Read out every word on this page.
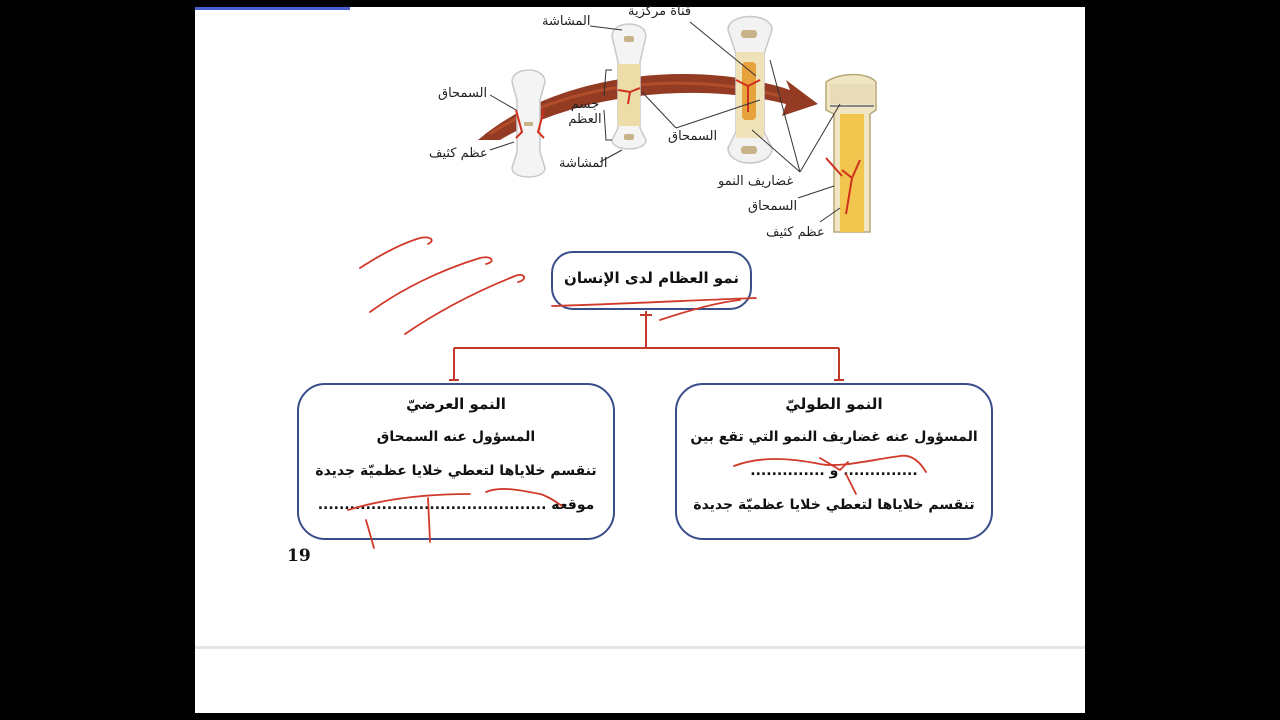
المشاشة
قناة مركزية
السمحاق
جسم العظم
عظم كثيف
المشاشة
السمحاق
غضاريف النمو
السمحاق
عظم كثيف
نمو العظام لدى الإنسان
النمو العرضيّ
المسؤول عنه السمحاق
تنقسم خلاياها لتعطي خلايا عظميّة جديدة
موقعه ...........................................
النمو الطوليّ
المسؤول عنه غضاريف النمو التي تقع بين
.............. و ..............
تنقسم خلاياها لتعطي خلايا عظميّة جديدة
19
